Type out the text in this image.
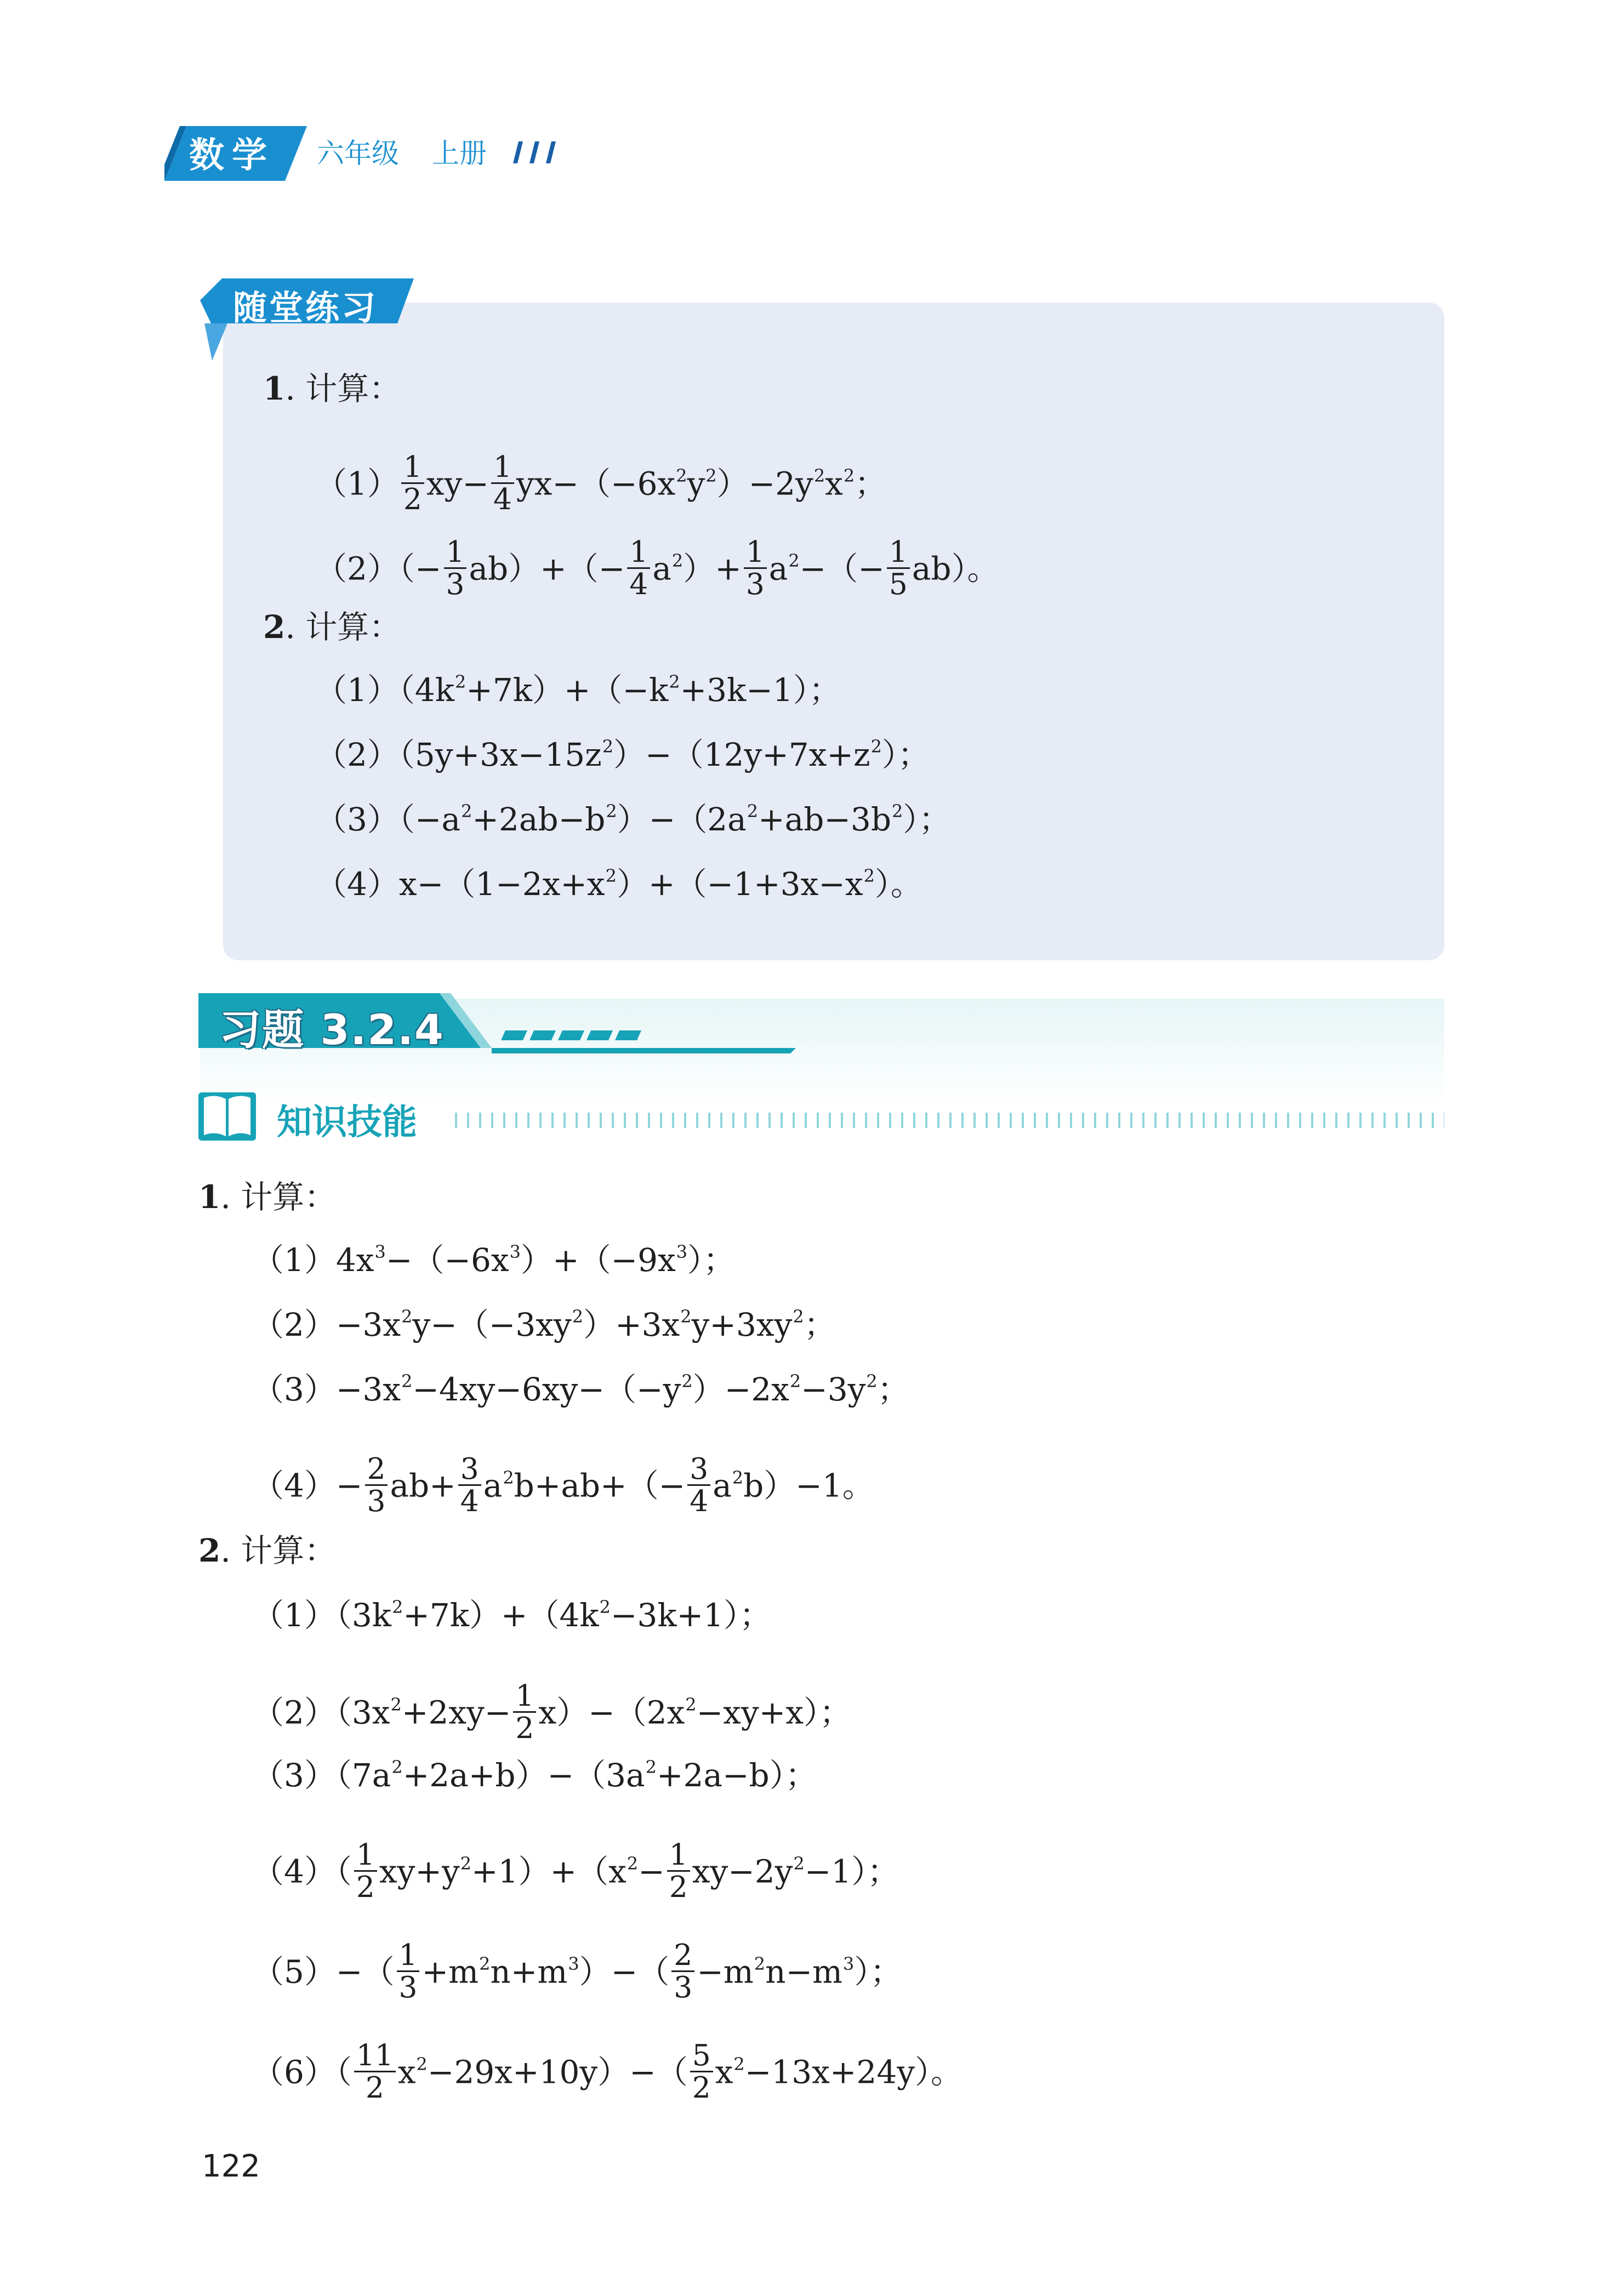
数学 六年级 上册
随堂练习
1. 计算：
$(1) \frac{1}{2} xy- \frac{1}{4} yx-(-6x^2y^2)-2y^2x^2$；
$(2)(- \frac{1}{3} ab)+(- \frac{1}{4} a^2)+ \frac{1}{3} a^2-(- \frac{1}{5} ab)$。
2. 计算：
$(1)(4k^2+7k)+(-k^2+3k-1)$；
$(2)(5y+3x-15z^2)-(12y+7x+z^2)$；
$(3)(-a^2+2ab-b^2)-(2a^2+ab-3b^2)$；
$(4)x-(1-2x+x^2)+(-1+3x-x^2)$。
习题 3.2.4
知识技能
1. 计算：
$(1)4x^3-(-6x^3)+(-9x^3)$；
$(2)-3x^2y-(-3xy^2)+3x^2y+3xy^2$；
$(3)-3x^2-4xy-6xy-(-y^2)-2x^2-3y^2$；
$(4)- \frac{2}{3} ab+ \frac{3}{4} a^2b+ab+(- \frac{3}{4} a^2b)-1$。
2. 计算：
$(1)(3k^2+7k)+(4k^2-3k+1)$；
$(2)(3x^2+2xy- \frac{1}{2} x)-(2x^2-xy+x)$；
$(3)(7a^2+2a+b)-(3a^2+2a-b)$；
$(4)( \frac{1}{2} xy+y^2+1)+(x^2- \frac{1}{2} xy-2y^2-1)$；
$(5)-( \frac{1}{3} +m^2n+m^3)-( \frac{2}{3} -m^2n-m^3)$；
$(6)( \frac{11}{2} x^2-29x+10y)-( \frac{5}{2} x^2-13x+24y)$。
122
